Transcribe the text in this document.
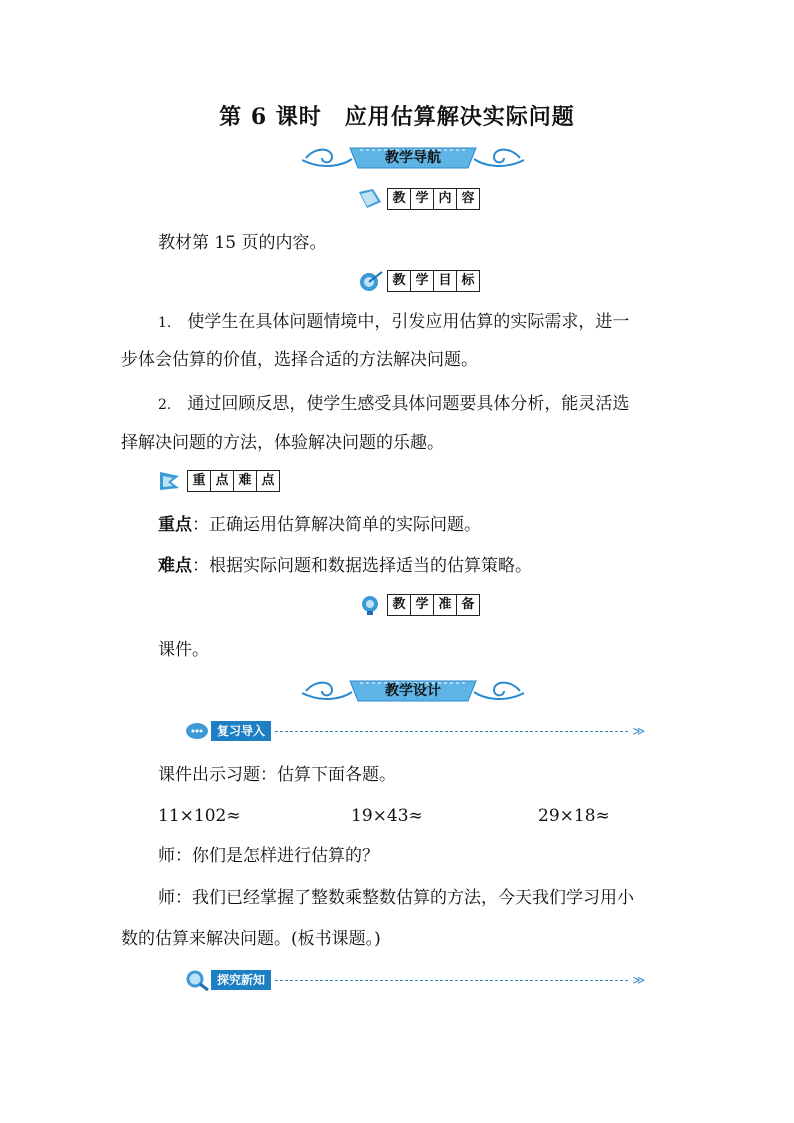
第 6 课时　应用估算解决实际问题
教学导航
教 学 内 容
教材第 15 页的内容。
教 学 目 标
1. 使学生在具体问题情境中，引发应用估算的实际需求，进一
步体会估算的价值，选择合适的方法解决问题。
2. 通过回顾反思，使学生感受具体问题要具体分析，能灵活选
择解决问题的方法，体验解决问题的乐趣。
重 点 难 点
重点：正确运用估算解决简单的实际问题。
难点：根据实际问题和数据选择适当的估算策略。
教 学 准 备
课件。
教学设计
复习导入	≫
课件出示习题：估算下面各题。
11×102≈	19×43≈	29×18≈
师：你们是怎样进行估算的？
师：我们已经掌握了整数乘整数估算的方法，今天我们学习用小
数的估算来解决问题。(板书课题。)
探究新知	≫
